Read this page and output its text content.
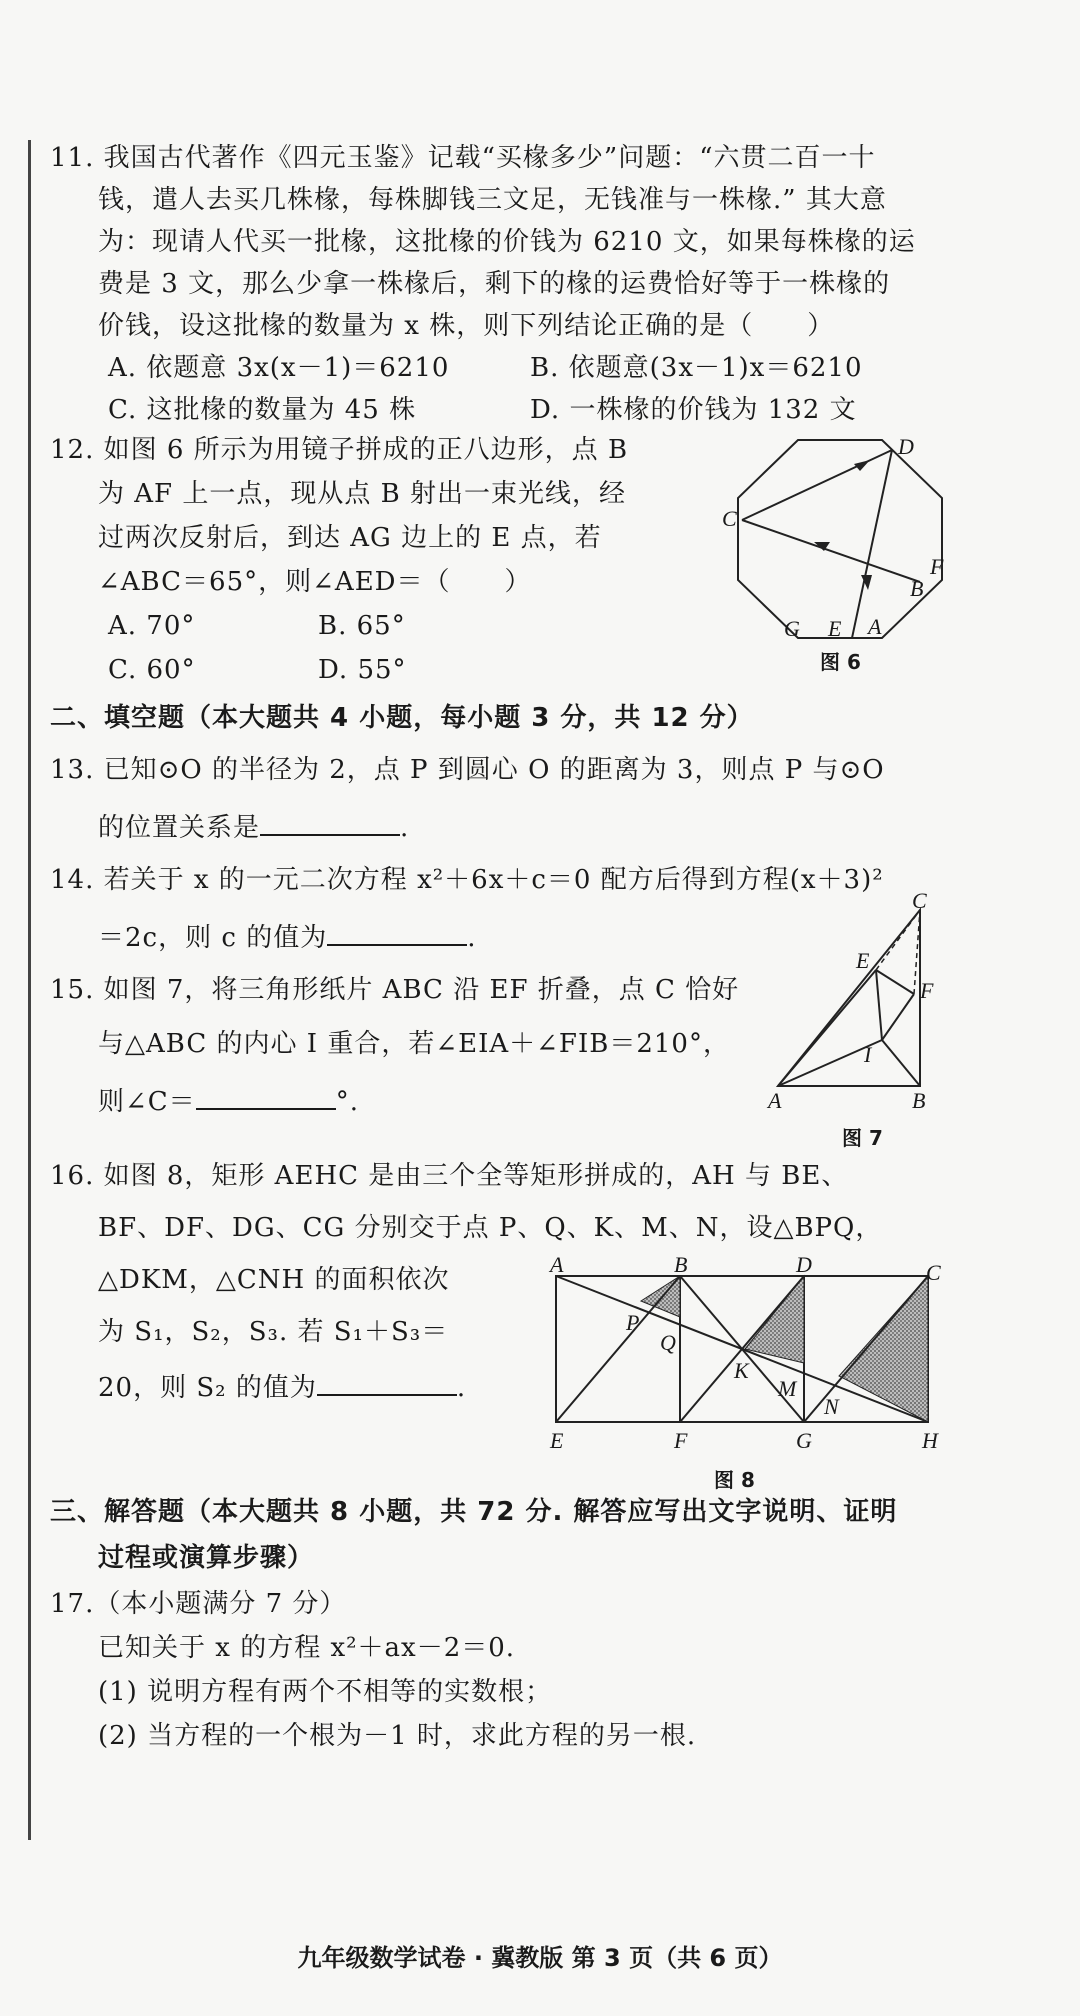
11. 我国古代著作《四元玉鉴》记载“买椽多少”问题：“六贯二百一十
钱，遣人去买几株椽，每株脚钱三文足，无钱准与一株椽.” 其大意
为：现请人代买一批椽，这批椽的价钱为 6210 文，如果每株椽的运
费是 3 文，那么少拿一株椽后，剩下的椽的运费恰好等于一株椽的
价钱，设这批椽的数量为 x 株，则下列结论正确的是（　　）
A. 依题意 3x(x－1)＝6210	B. 依题意(3x－1)x＝6210
C. 这批椽的数量为 45 株	D. 一株椽的价钱为 132 文
12. 如图 6 所示为用镜子拼成的正八边形，点 B
为 AF 上一点，现从点 B 射出一束光线，经
过两次反射后，到达 AG 边上的 E 点，若
∠ABC＝65°，则∠AED＝（　　）
A. 70°	B. 65°
C. 60°	D. 55°
D
C
F
B
G E A
图 6
二、填空题（本大题共 4 小题，每小题 3 分，共 12 分）
13. 已知⊙O 的半径为 2，点 P 到圆心 O 的距离为 3，则点 P 与⊙O
的位置关系是	.
14. 若关于 x 的一元二次方程 x²＋6x＋c＝0 配方后得到方程(x＋3)²
＝2c，则 c 的值为	.
15. 如图 7，将三角形纸片 ABC 沿 EF 折叠，点 C 恰好
与△ABC 的内心 I 重合，若∠EIA＋∠FIB＝210°，
则∠C＝	°.
C
E
F
I
A	B
图 7
16. 如图 8，矩形 AEHC 是由三个全等矩形拼成的，AH 与 BE、
BF、DF、DG、CG 分别交于点 P、Q、K、M、N，设△BPQ，
△DKM，△CNH 的面积依次
为 S₁，S₂，S₃. 若 S₁＋S₃＝
20，则 S₂ 的值为	.
A	B	D	C
P
Q
K
M
N
E	F	G	H
图 8
三、解答题（本大题共 8 小题，共 72 分. 解答应写出文字说明、证明
过程或演算步骤）
17.（本小题满分 7 分）
已知关于 x 的方程 x²＋ax－2＝0.
(1) 说明方程有两个不相等的实数根；
(2) 当方程的一个根为－1 时，求此方程的另一根.
九年级数学试卷 · 冀教版 第 3 页（共 6 页）
